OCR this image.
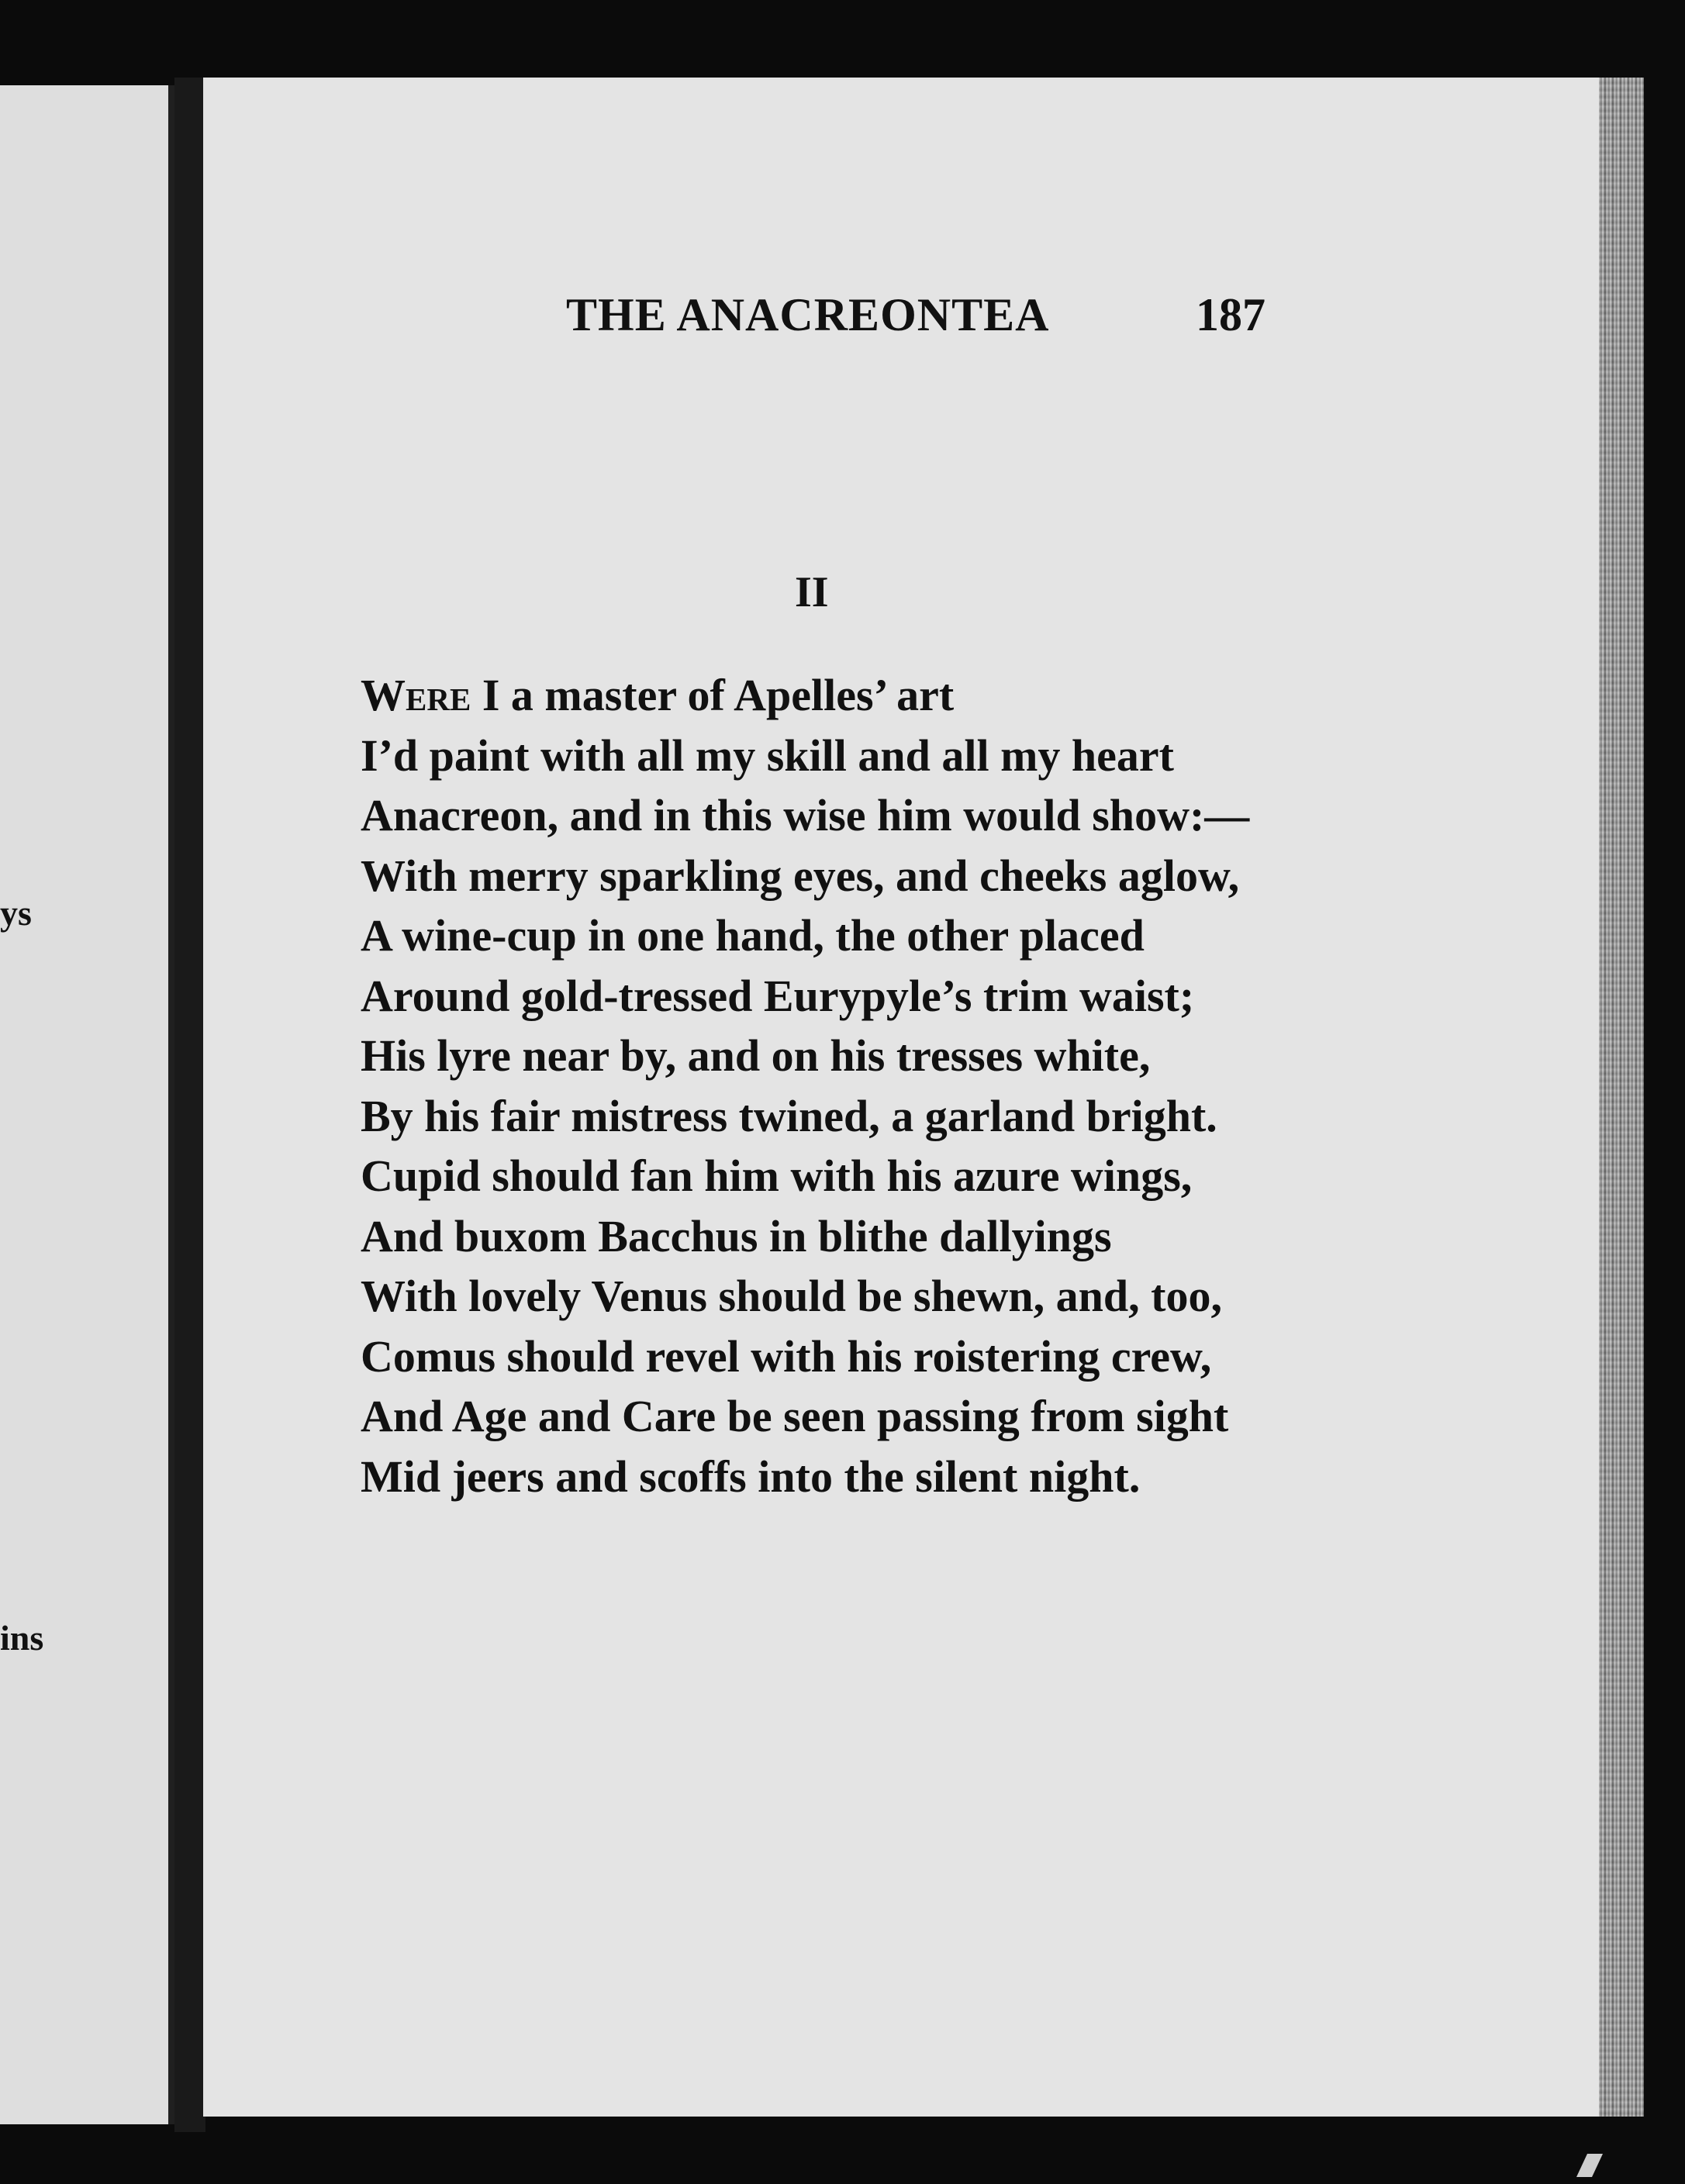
ys
ins
THE ANACREONTEA	187
II
Were I a master of Apelles’ art
I’d paint with all my skill and all my heart
Anacreon, and in this wise him would show:—
With merry sparkling eyes, and cheeks aglow,
A wine-cup in one hand, the other placed
Around gold-tressed Eurypyle’s trim waist;
His lyre near by, and on his tresses white,
By his fair mistress twined, a garland bright.
Cupid should fan him with his azure wings,
And buxom Bacchus in blithe dallyings
With lovely Venus should be shewn, and, too,
Comus should revel with his roistering crew,
And Age and Care be seen passing from sight
Mid jeers and scoffs into the silent night.
